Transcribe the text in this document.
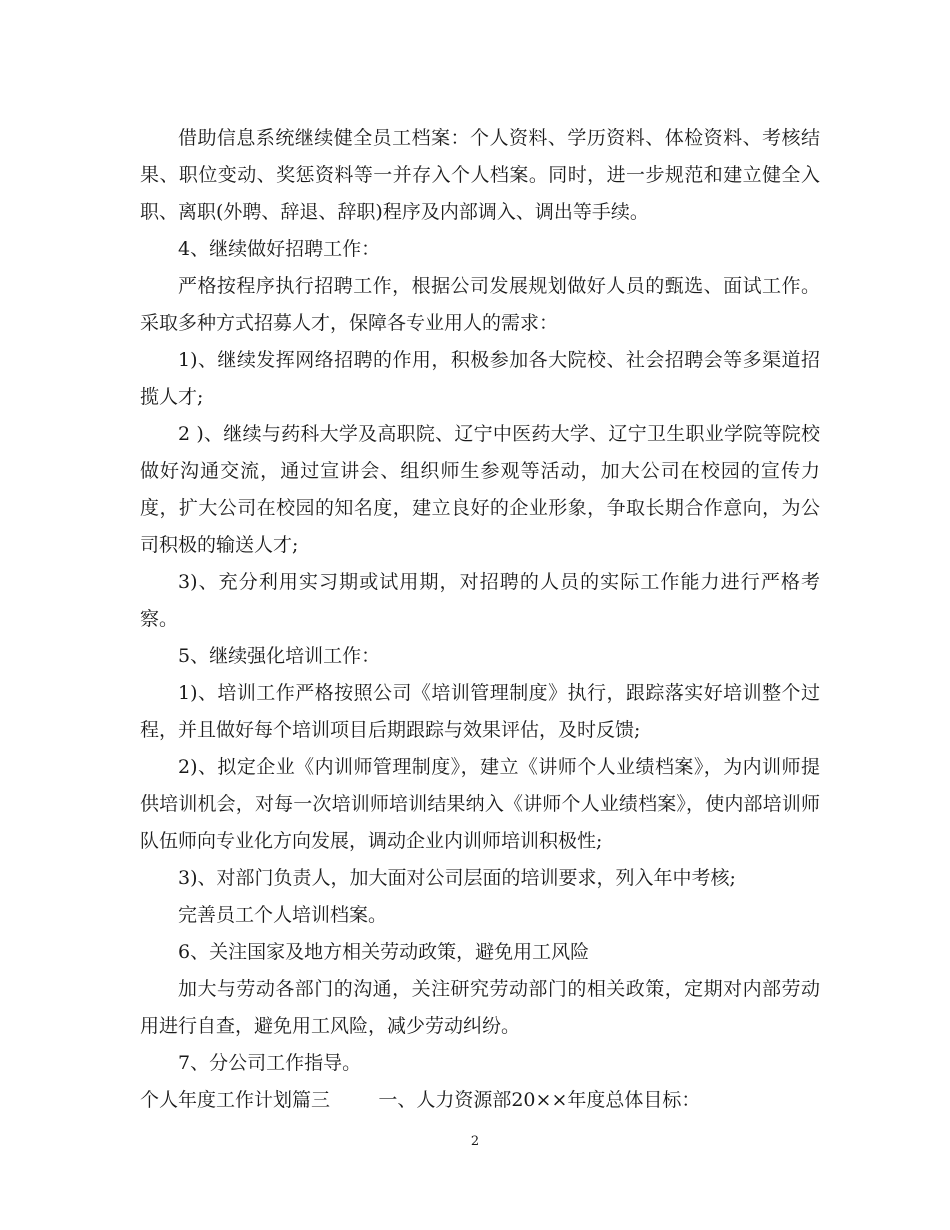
借助信息系统继续健全员工档案：个人资料、学历资料、体检资料、考核结果、职位变动、奖惩资料等一并存入个人档案。同时，进一步规范和建立健全入职、离职(外聘、辞退、辞职)程序及内部调入、调出等手续。

4、继续做好招聘工作：

严格按程序执行招聘工作，根据公司发展规划做好人员的甄选、面试工作。采取多种方式招募人才，保障各专业用人的需求：

1)、继续发挥网络招聘的作用，积极参加各大院校、社会招聘会等多渠道招揽人才;

2 )、继续与药科大学及高职院、辽宁中医药大学、辽宁卫生职业学院等院校做好沟通交流，通过宣讲会、组织师生参观等活动，加大公司在校园的宣传力度，扩大公司在校园的知名度，建立良好的企业形象，争取长期合作意向，为公司积极的输送人才;

3)、充分利用实习期或试用期，对招聘的人员的实际工作能力进行严格考察。

5、继续强化培训工作：

1)、培训工作严格按照公司《培训管理制度》执行，跟踪落实好培训整个过程，并且做好每个培训项目后期跟踪与效果评估，及时反馈;

2)、拟定企业《内训师管理制度》，建立《讲师个人业绩档案》，为内训师提供培训机会，对每一次培训师培训结果纳入《讲师个人业绩档案》，使内部培训师队伍师向专业化方向发展，调动企业内训师培训积极性;

3)、对部门负责人，加大面对公司层面的培训要求，列入年中考核;

完善员工个人培训档案。

6、关注国家及地方相关劳动政策，避免用工风险

加大与劳动各部门的沟通，关注研究劳动部门的相关政策，定期对内部劳动用进行自查，避免用工风险，减少劳动纠纷。

7、分公司工作指导。

个人年度工作计划篇三	一、人力资源部20××年度总体目标：

2
